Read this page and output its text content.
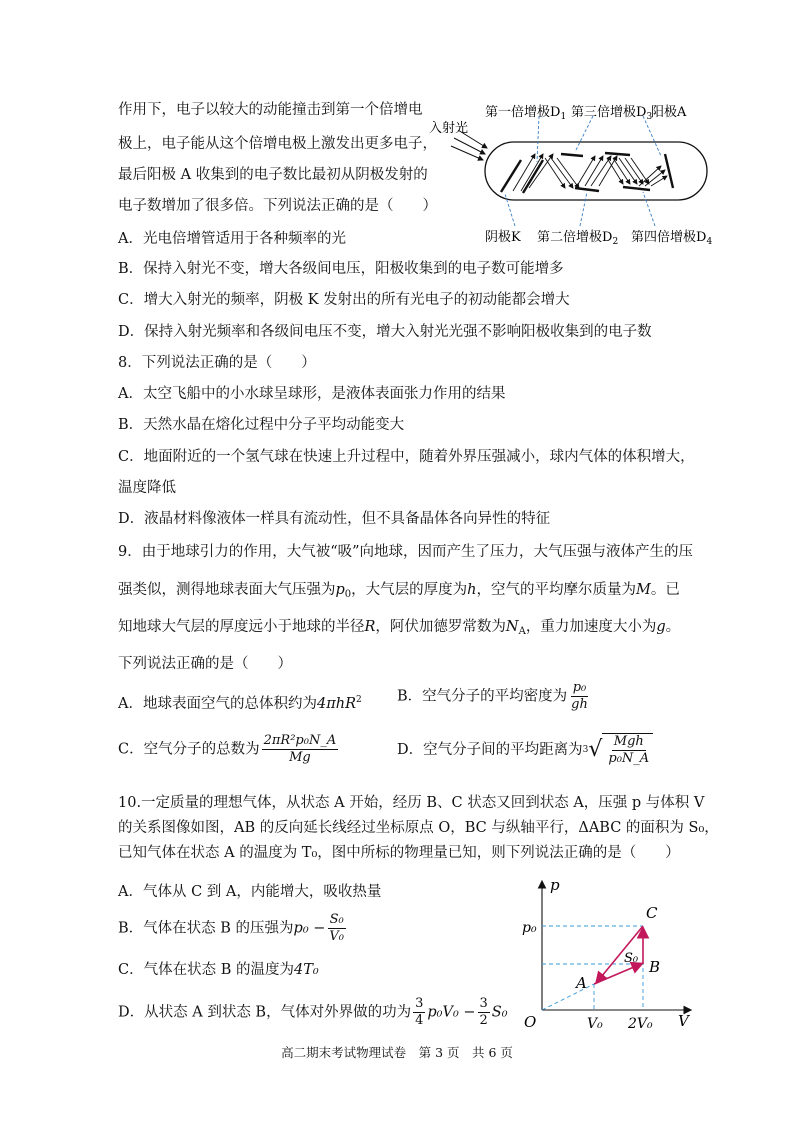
作用下，电子以较大的动能撞击到第一个倍增电
极上，电子能从这个倍增电极上激发出更多电子，
最后阳极 A 收集到的电子数比最初从阴极发射的
电子数增加了很多倍。下列说法正确的是（　　）
A．光电倍增管适用于各种频率的光
B．保持入射光不变，增大各级间电压，阳极收集到的电子数可能增多
C．增大入射光的频率，阴极 K 发射出的所有光电子的初动能都会增大
D．保持入射光频率和各级间电压不变，增大入射光光强不影响阳极收集到的电子数
入射光
第一倍增极$D_1$ 第三倍增极$D_3$
阳极A
阴极K 第二倍增极$D_2$ 第四倍增极$D_4$
8．下列说法正确的是（　　）
A．太空飞船中的小水球呈球形，是液体表面张力作用的结果
B．天然水晶在熔化过程中分子平均动能变大
C．地面附近的一个氢气球在快速上升过程中，随着外界压强减小，球内气体的体积增大，
温度降低
D．液晶材料像液体一样具有流动性，但不具备晶体各向异性的特征
9．由于地球引力的作用，大气被“吸”向地球，因而产生了压力，大气压强与液体产生的压
强类似，测得地球表面大气压强为$p_0$，大气层的厚度为h，空气的平均摩尔质量为M。已
知地球大气层的厚度远小于地球的半径R，阿伏加德罗常数为$N_A$，重力加速度大小为g。
下列说法正确的是（　　）
A．地球表面空气的总体积约为4πhR$^2$ B．空气分子的平均密度为 $\frac{\text{p₀}}{gh}$
C．空气分子的总数为 $\frac{\text{2πR²p₀N\_A}}{Mg}$	D．空气分子间的平均距离为 3 √ $\frac{\text{Mgh}}{\text{p₀N\_A}}$
10.一定质量的理想气体，从状态 A 开始，经历 B、C 状态又回到状态 A，压强 p 与体积 V
的关系图像如图，AB 的反向延长线经过坐标原点 O，BC 与纵轴平行，ΔABC 的面积为 S₀，
已知气体在状态 A 的温度为 T₀，图中所标的物理量已知，则下列说法正确的是（　　）
A．气体从 C 到 A，内能增大，吸收热量
B．气体在状态 B 的压强为$p_0 - \frac{\text{S₀}}{\text{V₀}}$
C．气体在状态 B 的温度为4T₀
D．从状态 A 到状态 B，气体对外界做的功为 $\frac{3}{4} p_0V_0 - \frac{3}{2} S_0$
p
V
O
p₀
V₀ 2V₀
A
B
C
S₀
高二期末考试物理试卷　第 3 页　共 6 页
